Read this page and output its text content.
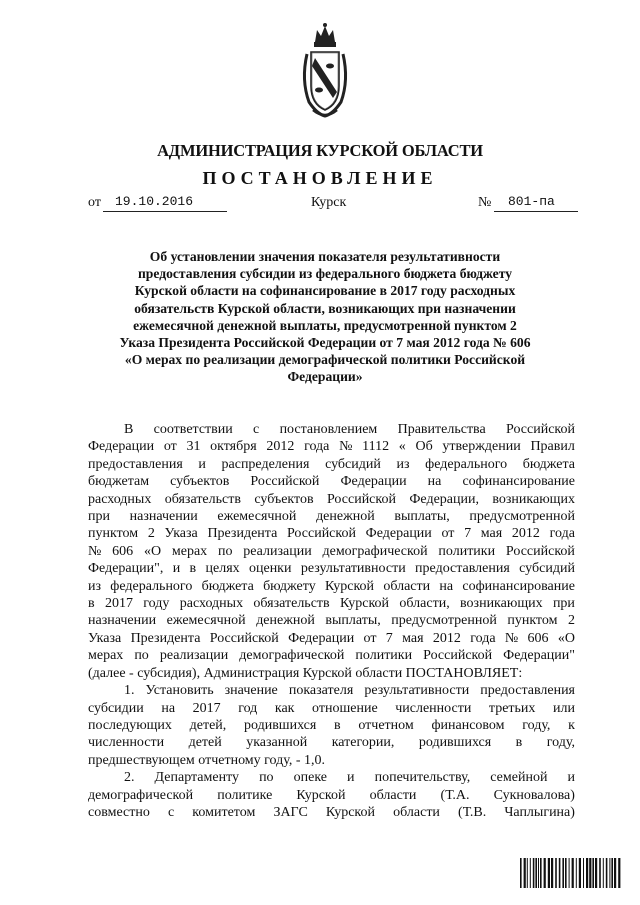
АДМИНИСТРАЦИЯ КУРСКОЙ ОБЛАСТИ
ПОСТАНОВЛЕНИЕ
от	19.10.2016	Курск	№	801-па
Об установлении значения показателя результативности
предоставления субсидии из федерального бюджета бюджету
Курской области на софинансирование в 2017 году расходных
обязательств Курской области, возникающих при назначении
ежемесячной денежной выплаты, предусмотренной пунктом 2
Указа Президента Российской Федерации от 7 мая 2012 года № 606
«О мерах по реализации демографической политики Российской
Федерации»
В соответствии с постановлением Правительства Российской
Федерации от 31 октября 2012 года № 1112 « Об утверждении Правил
предоставления и распределения субсидий из федерального бюджета
бюджетам субъектов Российской Федерации на софинансирование
расходных обязательств субъектов Российской Федерации, возникающих
при назначении ежемесячной денежной выплаты, предусмотренной
пунктом 2 Указа Президента Российской Федерации от 7 мая 2012 года
№ 606 «О мерах по реализации демографической политики Российской
Федерации", и в целях оценки результативности предоставления субсидий
из федерального бюджета бюджету Курской области на софинансирование
в 2017 году расходных обязательств Курской области, возникающих при
назначении ежемесячной денежной выплаты, предусмотренной пунктом 2
Указа Президента Российской Федерации от 7 мая 2012 года № 606 «О
мерах по реализации демографической политики Российской Федерации"
(далее - субсидия), Администрация Курской области ПОСТАНОВЛЯЕТ:
1. Установить значение показателя результативности предоставления
субсидии на 2017 год как отношение численности третьих или
последующих детей, родившихся в отчетном финансовом году, к
численности детей указанной категории, родившихся в году,
предшествующем отчетному году, - 1,0.
2. Департаменту по опеке и попечительству, семейной и
демографической политике Курской области (Т.А. Сукновалова)
совместно с комитетом ЗАГС Курской области (Т.В. Чаплыгина)
